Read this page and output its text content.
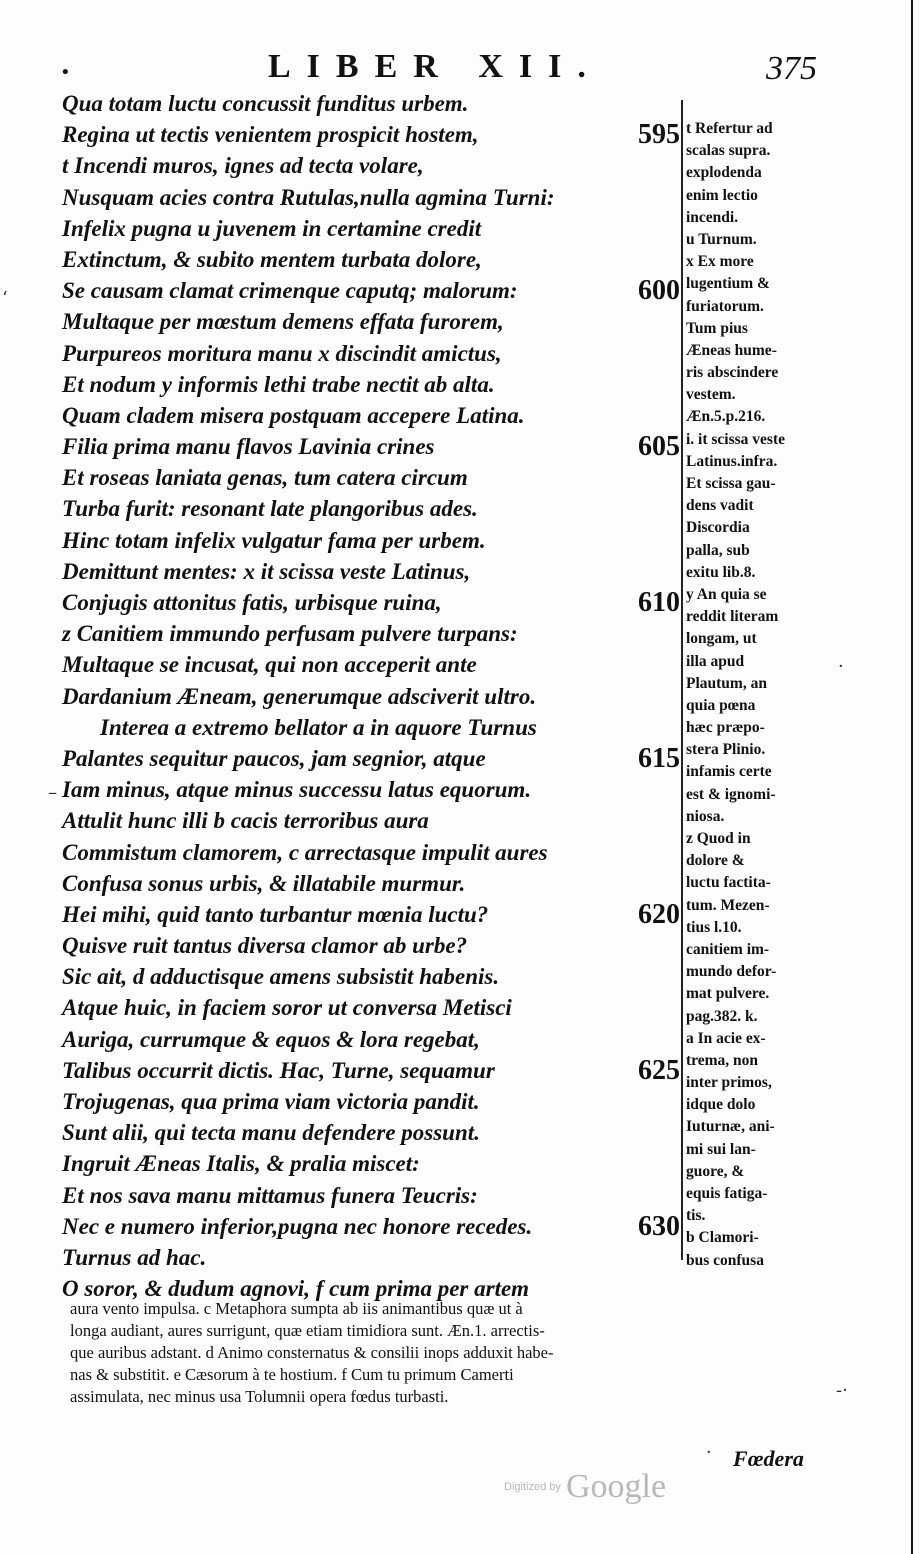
•	LIBER XII.	375
Qua totam luctu concussit funditus urbem.
Regina ut tectis venientem prospicit hostem,	595
t Incendi muros, ignes ad tecta volare,
Nusquam acies contra Rutulas,nulla agmina Turni:
Infelix pugna u juvenem in certamine credit
Extinctum, & subito mentem turbata dolore,
Se causam clamat crimenque caputq; malorum:	600
Multaque per mœstum demens effata furorem,
Purpureos moritura manu x discindit amictus,
Et nodum y informis lethi trabe nectit ab alta.
Quam cladem misera postquam accepere Latina.
Filia prima manu flavos Lavinia crines	605
Et roseas laniata genas, tum catera circum
Turba furit: resonant late plangoribus ades.
Hinc totam infelix vulgatur fama per urbem.
Demittunt mentes: x it scissa veste Latinus,
Conjugis attonitus fatis, urbisque ruina,	610
z Canitiem immundo perfusam pulvere turpans:
Multaque se incusat, qui non acceperit ante
Dardanium Æneam, generumque adsciverit ultro.
Interea a extremo bellator a in aquore Turnus
Palantes sequitur paucos, jam segnior, atque	615
Iam minus, atque minus successu latus equorum.
Attulit hunc illi b cacis terroribus aura
Commistum clamorem, c arrectasque impulit aures
Confusa sonus urbis, & illatabile murmur.
Hei mihi, quid tanto turbantur mœnia luctu?	620
Quisve ruit tantus diversa clamor ab urbe?
Sic ait, d adductisque amens subsistit habenis.
Atque huic, in faciem soror ut conversa Metisci
Auriga, currumque & equos & lora regebat,
Talibus occurrit dictis. Hac, Turne, sequamur	625
Trojugenas, qua prima viam victoria pandit.
Sunt alii, qui tecta manu defendere possunt.
Ingruit Æneas Italis, & pralia miscet:
Et nos sava manu mittamus funera Teucris:
Nec e numero inferior,pugna nec honore recedes.	630
Turnus ad hac.
O soror, & dudum agnovi, f cum prima per artem
t Refertur ad
scalas supra.
explodenda
enim lectio
incendi.
u Turnum.
x Ex more
lugentium &
furiatorum.
Tum pius
Æneas hume-
ris abscindere
vestem.
Æn.5.p.216.
i. it scissa veste
Latinus.infra.
Et scissa gau-
dens vadit
Discordia
palla, sub
exitu lib.8.
y An quia se
reddit literam
longam, ut
illa apud
Plautum, an
quia pœna
hæc præpo-
stera Plinio.
infamis certe
est & ignomi-
niosa.
z Quod in
dolore &
luctu factita-
tum. Mezen-
tius l.10.
canitiem im-
mundo defor-
mat pulvere.
pag.382. k.
a In acie ex-
trema, non
inter primos,
idque dolo
Iuturnæ, ani-
mi sui lan-
guore, &
equis fatiga-
tis.
b Clamori-
bus confusa
aura vento impulsa. c Metaphora sumpta ab iis animantibus quæ ut à
longa audiant, aures surrigunt, quæ etiam timidiora sunt. Æn.1. arrectis-
que auribus adstant. d Animo consternatus & consilii inops adduxit habe-
nas & substitit. e Cæsorum à te hostium. f Cum tu primum Camerti
assimulata, nec minus usa Tolumnii opera fœdus turbasti.
Fœdera
Digitized by Google
‘
–
·
-·
·
